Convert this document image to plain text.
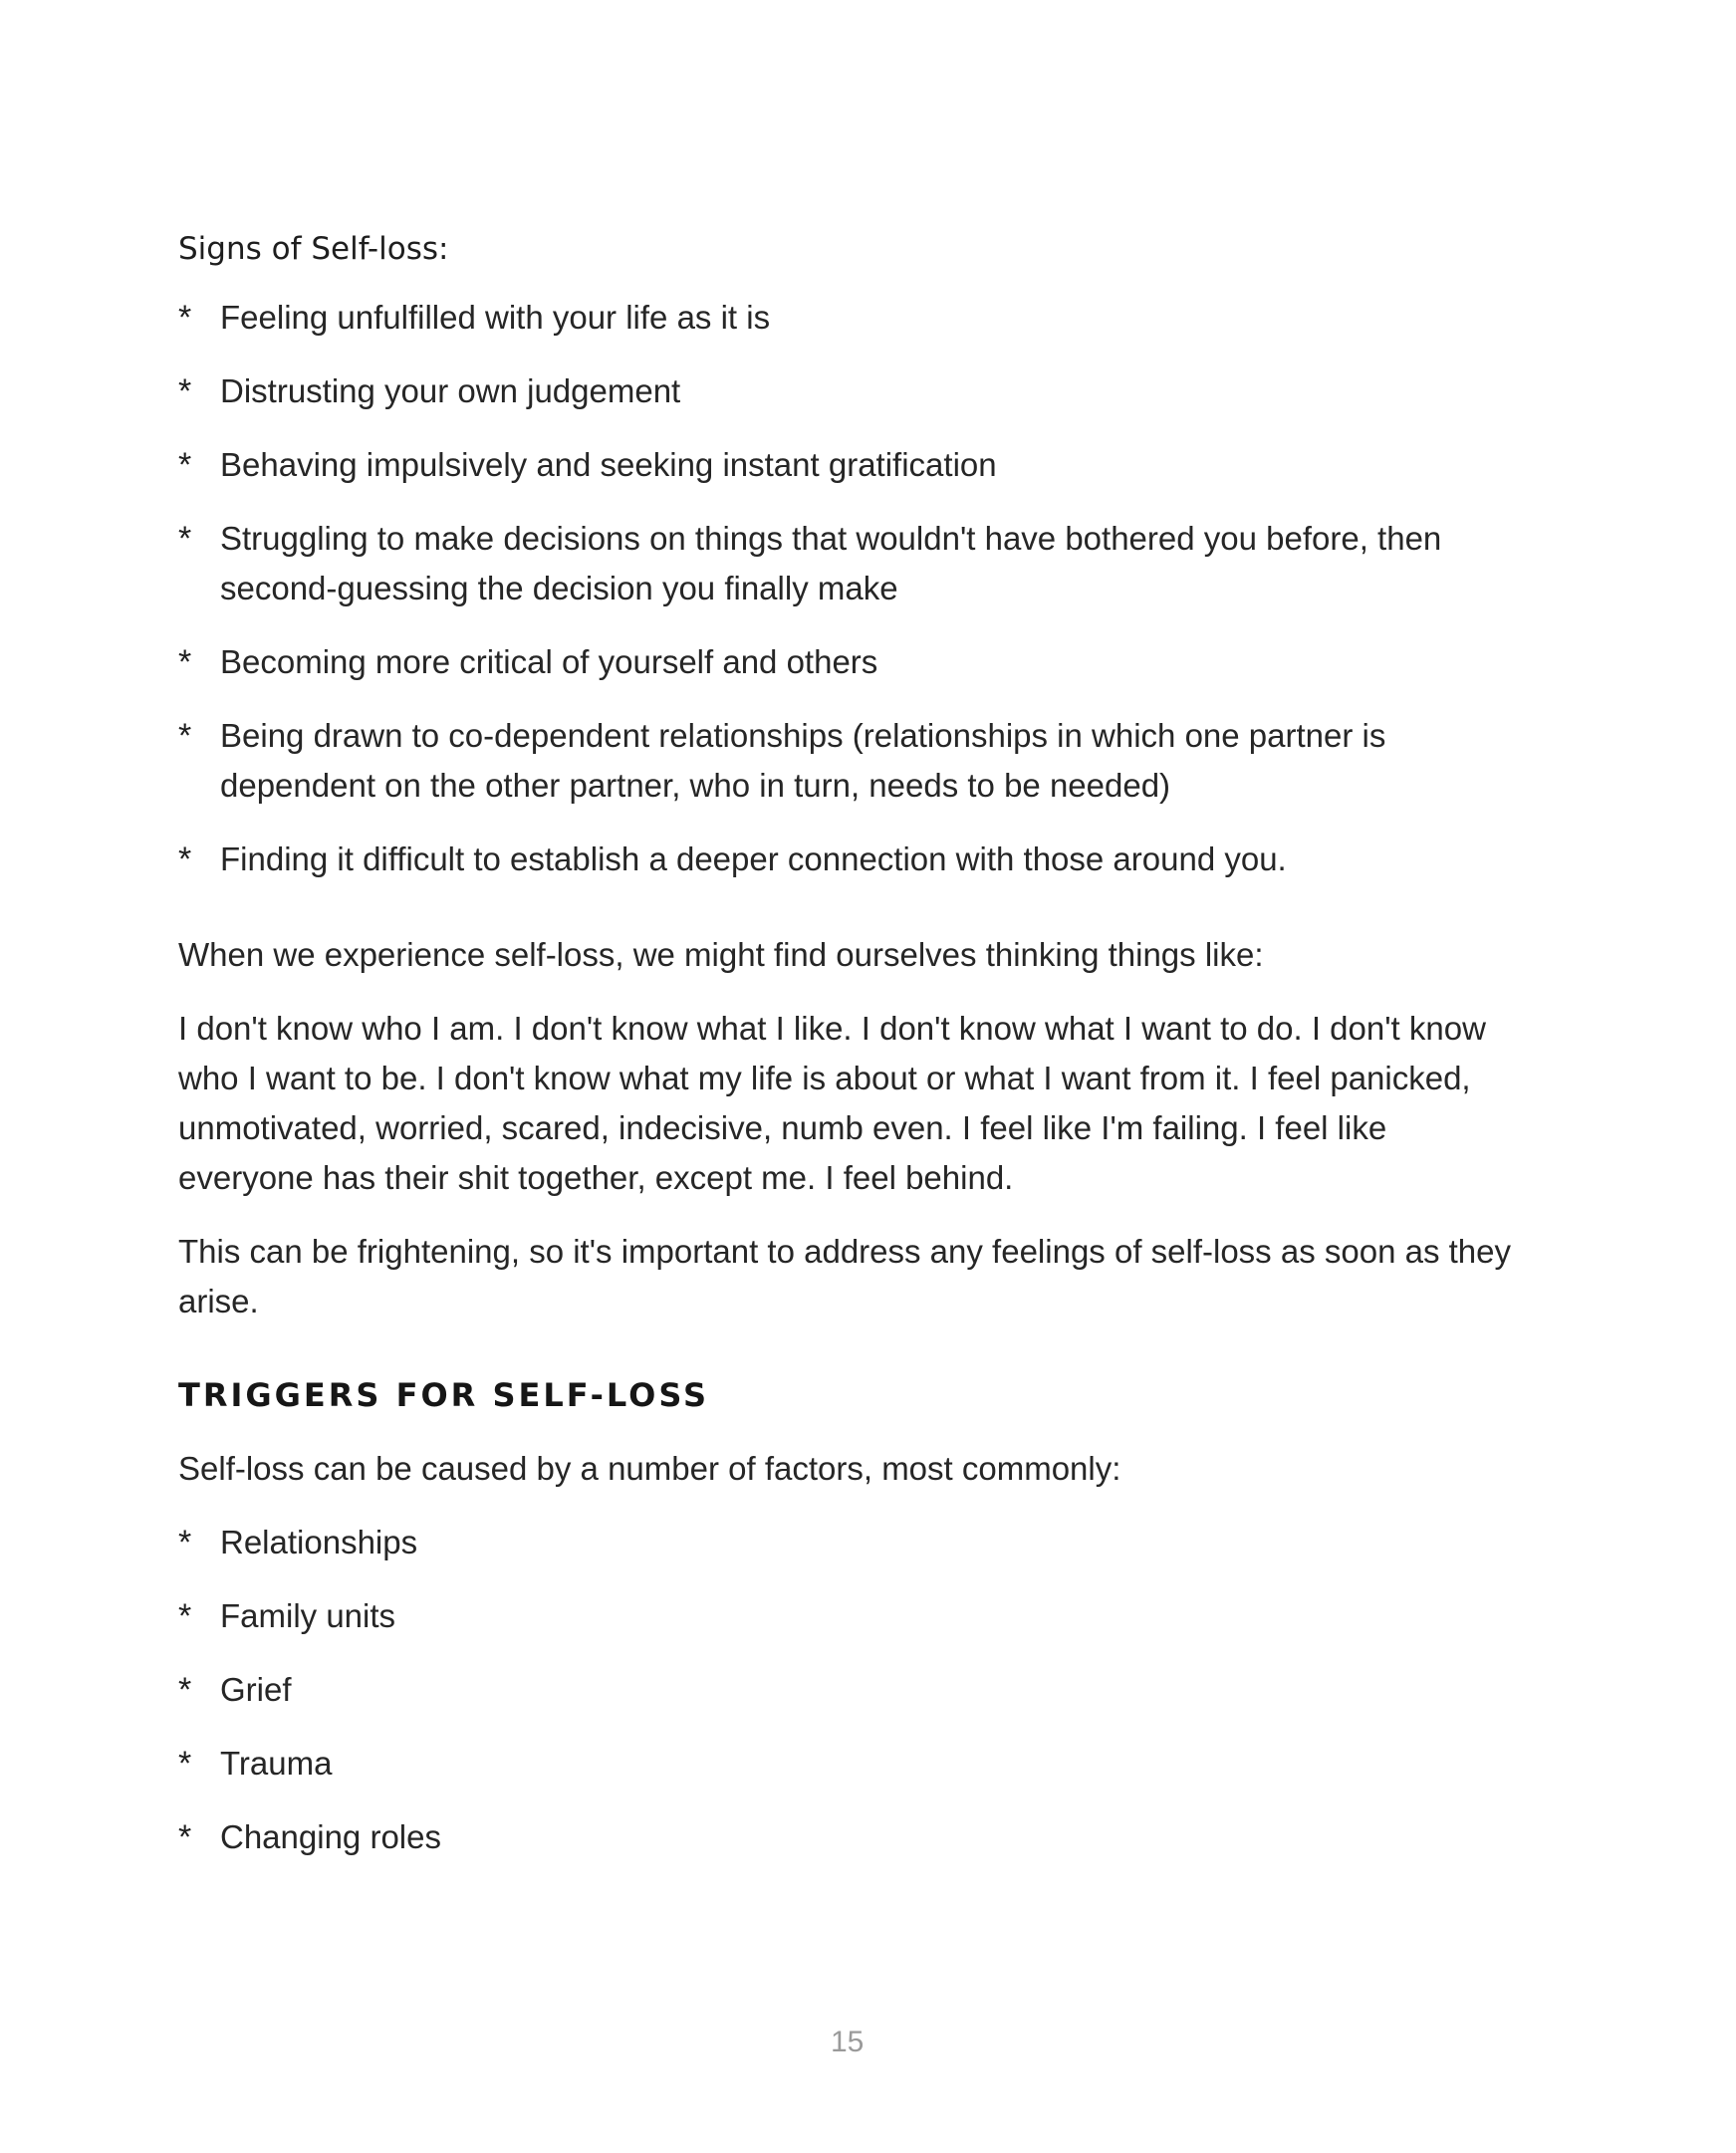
Signs of Self-loss:

* Feeling unfulfilled with your life as it is
* Distrusting your own judgement
* Behaving impulsively and seeking instant gratification
* Struggling to make decisions on things that wouldn't have bothered you before, then second-guessing the decision you finally make
* Becoming more critical of yourself and others
* Being drawn to co-dependent relationships (relationships in which one partner is dependent on the other partner, who in turn, needs to be needed)
* Finding it difficult to establish a deeper connection with those around you.

When we experience self-loss, we might find ourselves thinking things like:

I don't know who I am. I don't know what I like. I don't know what I want to do. I don't know who I want to be. I don't know what my life is about or what I want from it. I feel panicked, unmotivated, worried, scared, indecisive, numb even. I feel like I'm failing. I feel like everyone has their shit together, except me. I feel behind.

This can be frightening, so it's important to address any feelings of self-loss as soon as they arise.

TRIGGERS FOR SELF-LOSS

Self-loss can be caused by a number of factors, most commonly:

* Relationships
* Family units
* Grief
* Trauma
* Changing roles
15
